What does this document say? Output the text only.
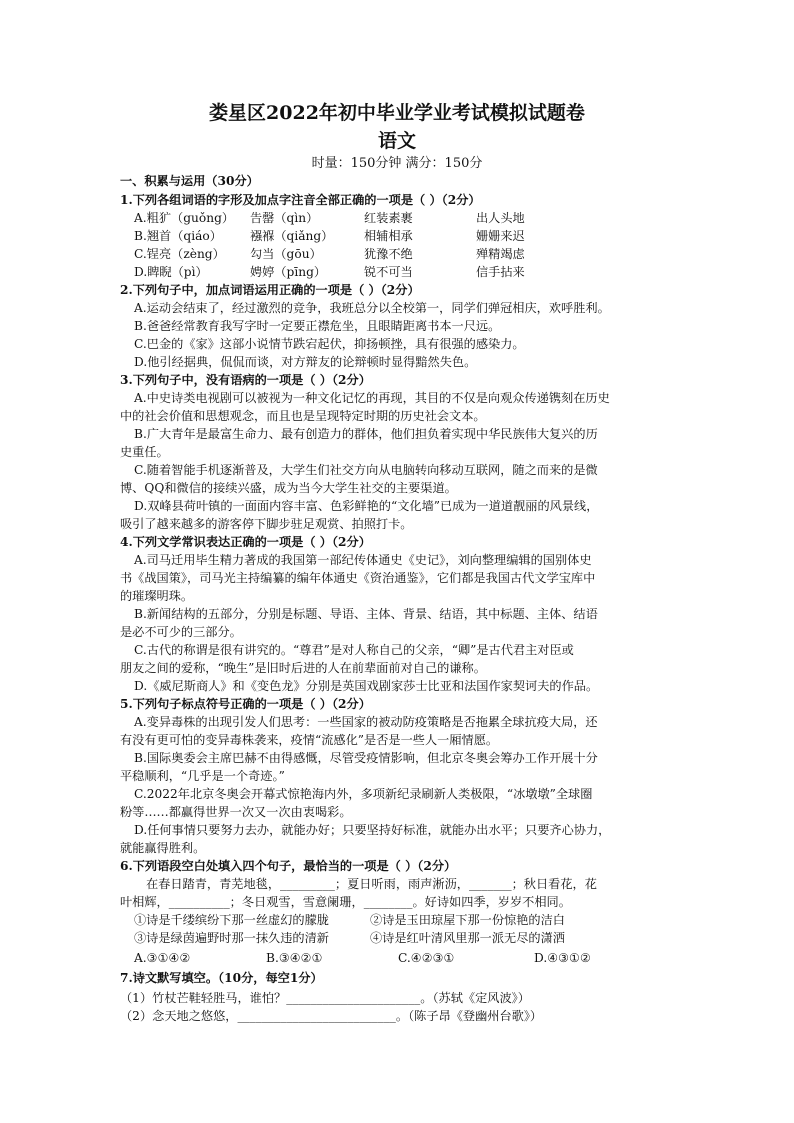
娄星区2022年初中毕业学业考试模拟试题卷
语文
时量：150分钟 满分：150分
一、积累与运用（30分）
1.下列各组词语的字形及加点字注音全部正确的一项是（ ）（2分）
A.粗犷（guǒng）	告罄（qìn）	红装素裹	出人头地
B.翘首（qiáo）	襁褓（qiǎng）	相辅相承	姗姗来迟
C.锃亮（zèng）	勾当（gōu）	犹豫不绝	殚精竭虑
D.睥睨（pì）	娉婷（pīng）	锐不可当	信手拈来
2.下列句子中，加点词语运用正确的一项是（ ）（2分）
A.运动会结束了，经过激烈的竞争，我班总分以全校第一，同学们弹冠相庆，欢呼胜利。
B.爸爸经常教育我写字时一定要正襟危坐，且眼睛距离书本一尺远。
C.巴金的《家》这部小说情节跌宕起伏，抑扬顿挫，具有很强的感染力。
D.他引经据典，侃侃而谈，对方辩友的论辩顿时显得黯然失色。
3.下列句子中，没有语病的一项是（ ）（2分）
A.中史诗类电视剧可以被视为一种文化记忆的再现，其目的不仅是向观众传递镌刻在历史
中的社会价值和思想观念，而且也是呈现特定时期的历史社会文本。
B.广大青年是最富生命力、最有创造力的群体，他们担负着实现中华民族伟大复兴的历
史重任。
C.随着智能手机逐渐普及，大学生们社交方向从电脑转向移动互联网，随之而来的是微
博、QQ和微信的接续兴盛，成为当今大学生社交的主要渠道。
D.双峰县荷叶镇的一面面内容丰富、色彩鲜艳的“文化墙”已成为一道道靓丽的风景线，
吸引了越来越多的游客停下脚步驻足观赏、拍照打卡。
4.下列文学常识表达正确的一项是（ ）（2分）
A.司马迁用毕生精力著成的我国第一部纪传体通史《史记》，刘向整理编辑的国别体史
书《战国策》，司马光主持编纂的编年体通史《资治通鉴》，它们都是我国古代文学宝库中
的璀璨明珠。
B.新闻结构的五部分，分别是标题、导语、主体、背景、结语，其中标题、主体、结语
是必不可少的三部分。
C.古代的称谓是很有讲究的。“尊君”是对人称自己的父亲，“卿”是古代君主对臣或
朋友之间的爱称，“晚生”是旧时后进的人在前辈面前对自己的谦称。
D.《威尼斯商人》和《变色龙》分别是英国戏剧家莎士比亚和法国作家契诃夫的作品。
5.下列句子标点符号正确的一项是（ ）（2分）
A.变异毒株的出现引发人们思考：一些国家的被动防疫策略是否拖累全球抗疫大局，还
有没有更可怕的变异毒株袭来，疫情“流感化”是否是一些人一厢情愿。
B.国际奥委会主席巴赫不由得感慨，尽管受疫情影响，但北京冬奥会筹办工作开展十分
平稳顺利，“几乎是一个奇迹。”
C.2022年北京冬奥会开幕式惊艳海内外，多项新纪录刷新人类极限，“冰墩墩”全球圈
粉等……都赢得世界一次又一次由衷喝彩。
D.任何事情只要努力去办，就能办好；只要坚持好标准，就能办出水平；只要齐心协力，
就能赢得胜利。
6.下列语段空白处填入四个句子，最恰当的一项是（ ）（2分）
在春日踏青，青芜地毯，_________；夏日听雨，雨声淅沥，_______；秋日看花，花
叶相辉，__________；冬日观雪，雪意阑珊，________。好诗如四季，岁岁不相同。
①诗是千缕缤纷下那一丝虚幻的朦胧	②诗是玉田琼屋下那一份惊艳的洁白
③诗是绿茵遍野时那一抹久违的清新	④诗是红叶清风里那一派无尽的潇洒
A.③①④②	B.③④②①	C.④②③①	D.④③①②
7.诗文默写填空。（10分，每空1分）
（1）竹杖芒鞋轻胜马，谁怕？______________________。（苏轼《定风波》）
（2）念天地之悠悠，__________________________。（陈子昂《登幽州台歌》）
